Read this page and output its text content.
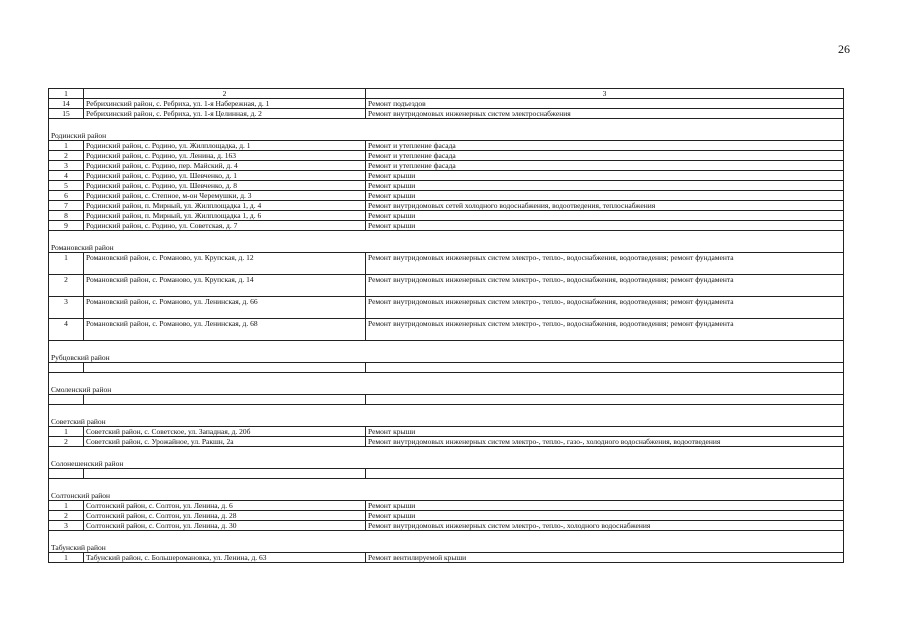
26
1	2	3
14	Ребрихинский район, с. Ребриха, ул. 1-я Набережная, д. 1	Ремонт подъездов
15	Ребрихинский район, с. Ребриха, ул. 1-я Целинная, д. 2	Ремонт внутридомовых инженерных систем электроснабжения
Родинский район		
1	Родинский район, с. Родино, ул. Жилплощадка, д. 1	Ремонт и утепление фасада
2	Родинский район, с. Родино, ул. Ленина, д. 163	Ремонт и утепление фасада
3	Родинский район, с. Родино, пер. Майский, д. 4	Ремонт и утепление фасада
4	Родинский район, с. Родино, ул. Шевченко, д. 1	Ремонт крыши
5	Родинский район, с. Родино, ул. Шевченко, д. 8	Ремонт крыши
6	Родинский район, с. Степное, м-он Черемушки, д. 3	Ремонт крыши
7	Родинский район, п. Мирный, ул. Жилплощадка 1, д. 4	Ремонт внутридомовых сетей холодного водоснабжения, водоотведения, теплоснабжения
8	Родинский район, п. Мирный, ул. Жилплощадка 1, д. 6	Ремонт крыши
9	Родинский район, с. Родино, ул. Советская, д. 7	Ремонт крыши
Романовский район		
1	Романовский район, с. Романово, ул. Крупская, д. 12	Ремонт внутридомовых инженерных систем электро-, тепло-, водоснабжения, водоотведения; ремонт фундамента
2	Романовский район, с. Романово, ул. Крупская, д. 14	Ремонт внутридомовых инженерных систем электро-, тепло-, водоснабжения, водоотведения; ремонт фундамента
3	Романовский район, с. Романово, ул. Ленинская, д. 66	Ремонт внутридомовых инженерных систем электро-, тепло-, водоснабжения, водоотведения; ремонт фундамента
4	Романовский район, с. Романово, ул. Ленинская, д. 68	Ремонт внутридомовых инженерных систем электро-, тепло-, водоснабжения, водоотведения; ремонт фундамента
Рубцовский район		

Смоленский район		

Советский район		
1	Советский район, с. Советское, ул. Западная, д. 20б	Ремонт крыши
2	Советский район, с. Урожайное, ул. Ракшн, 2а	Ремонт внутридомовых инженерных систем электро-, тепло-, газо-, холодного водоснабжения, водоотведения
Солонешенский район		

Солтонский район		
1	Солтонский район, с. Солтон, ул. Ленина, д. 6	Ремонт крыши
2	Солтонский район, с. Солтон, ул. Ленина, д. 28	Ремонт крыши
3	Солтонский район, с. Солтон, ул. Ленина, д. 30	Ремонт внутридомовых инженерных систем электро-, тепло-, холодного водоснабжения
Табунский район		
1	Табунский район, с. Большеромановка, ул. Ленина, д. 63	Ремонт вентилируемой крыши
